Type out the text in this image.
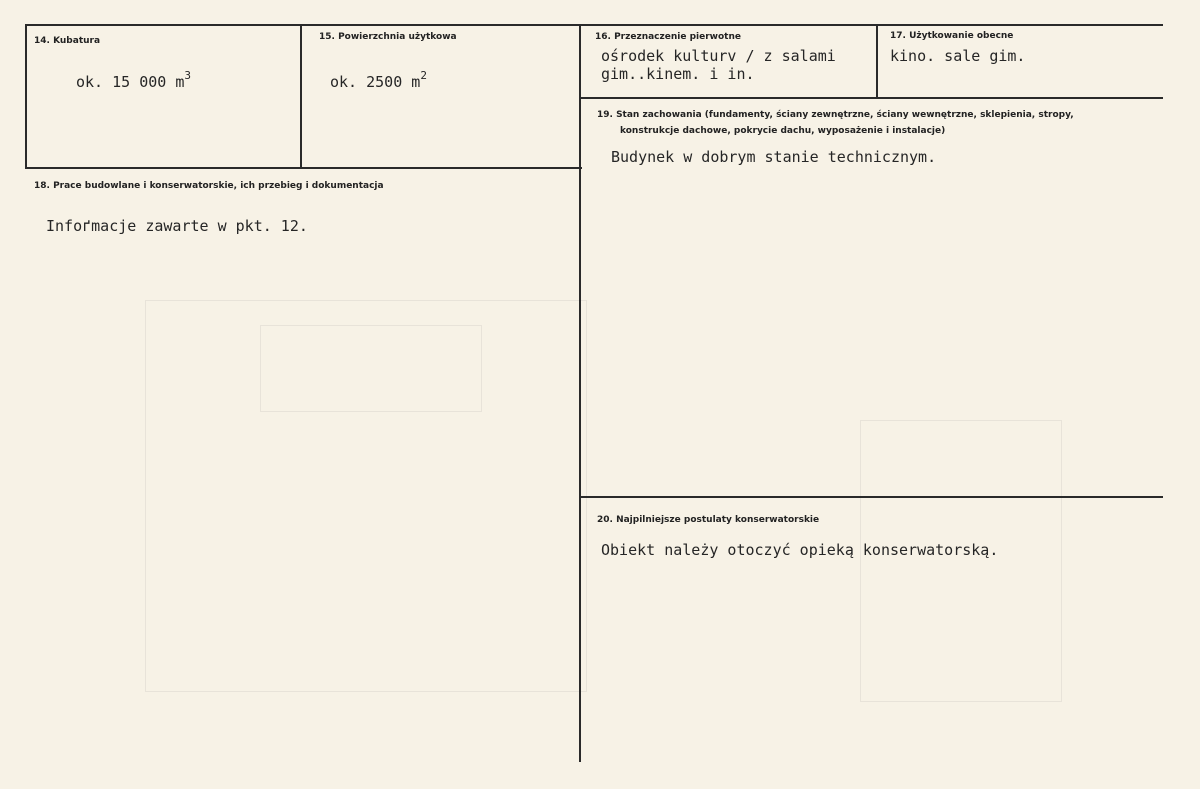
14. Kubatura
ok. 15 000 $m^3$
15. Powierzchnia użytkowa
ok. 2500 $m^2$
16. Przeznaczenie pierwotne
ośrodek kulturv / z salami
gim..kinem. i in.
17. Użytkowanie obecne
kino. sale gim.
18. Prace budowlane i konserwatorskie, ich przebieg i dokumentacja
Infoґmacje zawarte w pkt. 12.
19. Stan zachowania (fundamenty, ściany zewnętrzne, ściany wewnętrzne, sklepienia, stropy,
konstrukcje dachowe, pokrycie dachu, wyposażenie i instalacje)
Budynek w dobrym stanie technicznym.
20. Najpilniejsze postulaty konserwatorskie
Obiekt należy otoczyć opieką konserwatorską.
